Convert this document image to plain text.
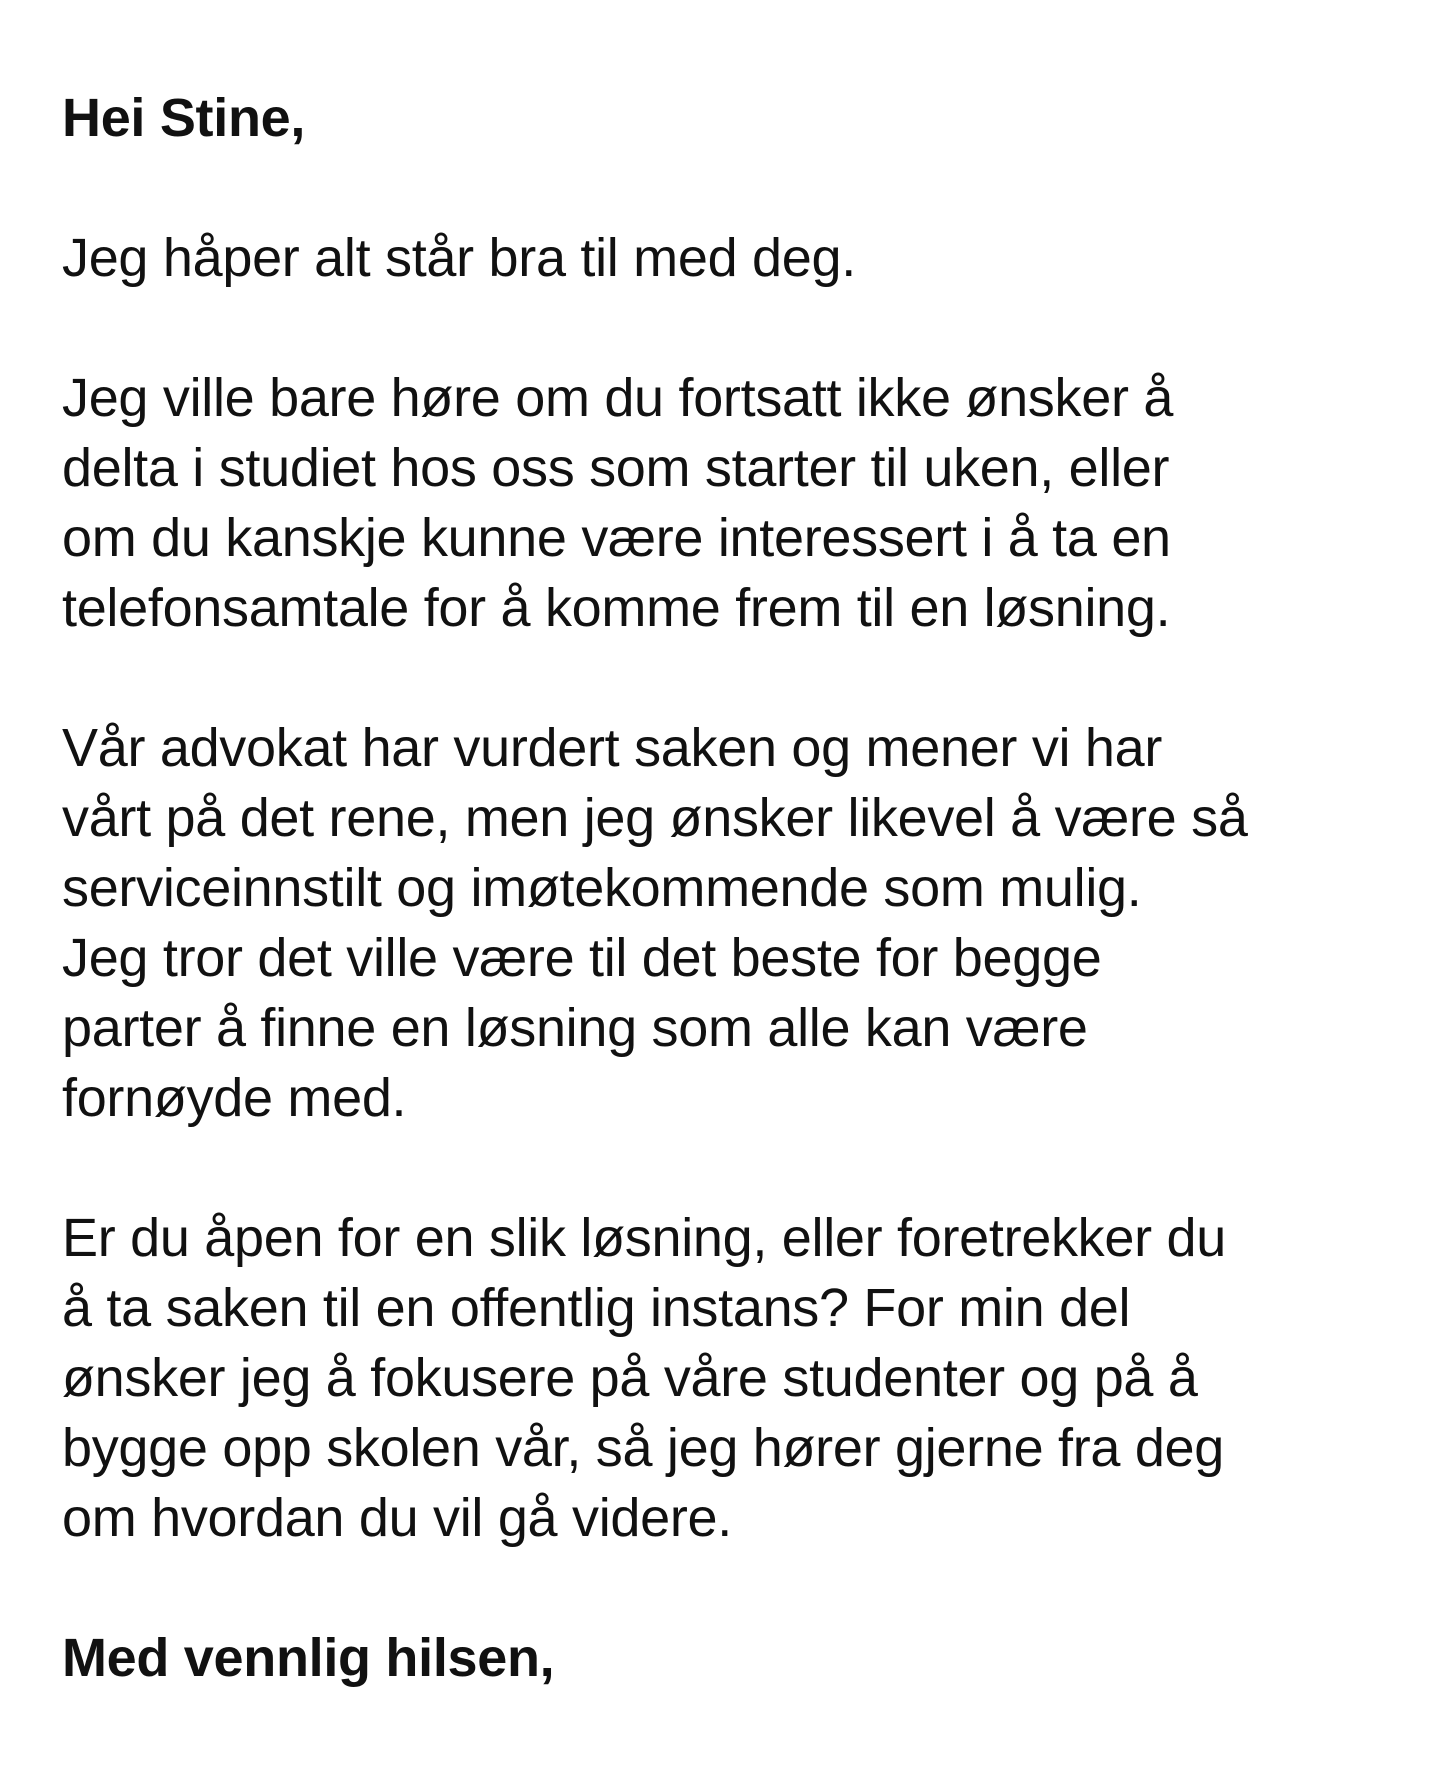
Hei Stine,
Jeg håper alt står bra til med deg.
Jeg ville bare høre om du fortsatt ikke ønsker å
delta i studiet hos oss som starter til uken, eller
om du kanskje kunne være interessert i å ta en
telefonsamtale for å komme frem til en løsning.
Vår advokat har vurdert saken og mener vi har
vårt på det rene, men jeg ønsker likevel å være så
serviceinnstilt og imøtekommende som mulig.
Jeg tror det ville være til det beste for begge
parter å finne en løsning som alle kan være
fornøyde med.
Er du åpen for en slik løsning, eller foretrekker du
å ta saken til en offentlig instans? For min del
ønsker jeg å fokusere på våre studenter og på å
bygge opp skolen vår, så jeg hører gjerne fra deg
om hvordan du vil gå videre.
Med vennlig hilsen,
